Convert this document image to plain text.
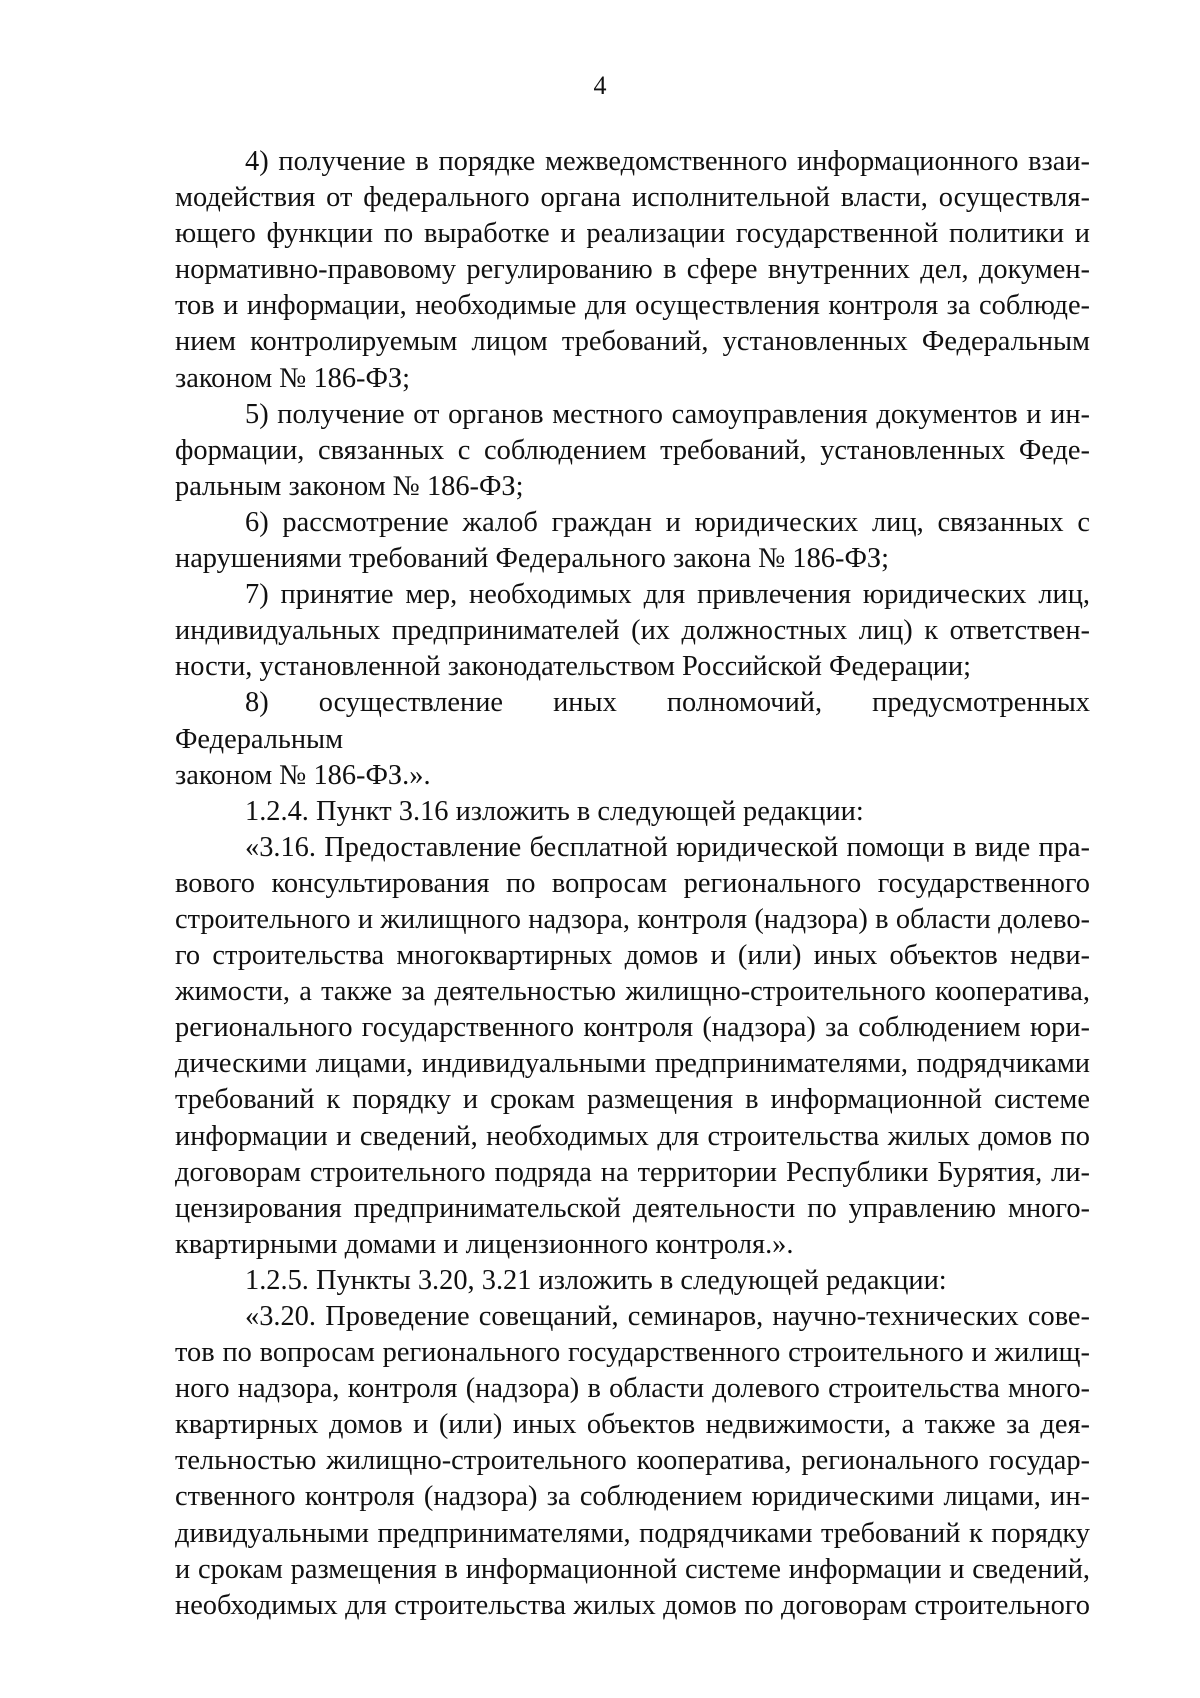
4

4) получение в порядке межведомственного информационного взаи-
модействия от федерального органа исполнительной власти, осуществля-
ющего функции по выработке и реализации государственной политики и
нормативно-правовому регулированию в сфере внутренних дел, докумен-
тов и информации, необходимые для осуществления контроля за соблюде-
нием контролируемым лицом требований, установленных Федеральным
законом № 186-ФЗ;

5) получение от органов местного самоуправления документов и ин-
формации, связанных с соблюдением требований, установленных Феде-
ральным законом № 186-ФЗ;

6) рассмотрение жалоб граждан и юридических лиц, связанных с
нарушениями требований Федерального закона № 186-ФЗ;

7) принятие мер, необходимых для привлечения юридических лиц,
индивидуальных предпринимателей (их должностных лиц) к ответствен-
ности, установленной законодательством Российской Федерации;

8) осуществление иных полномочий, предусмотренных Федеральным
законом № 186-ФЗ.».

1.2.4. Пункт 3.16 изложить в следующей редакции:

«3.16. Предоставление бесплатной юридической помощи в виде пра-
вового консультирования по вопросам регионального государственного
строительного и жилищного надзора, контроля (надзора) в области долево-
го строительства многоквартирных домов и (или) иных объектов недви-
жимости, а также за деятельностью жилищно-строительного кооператива,
регионального государственного контроля (надзора) за соблюдением юри-
дическими лицами, индивидуальными предпринимателями, подрядчиками
требований к порядку и срокам размещения в информационной системе
информации и сведений, необходимых для строительства жилых домов по
договорам строительного подряда на территории Республики Бурятия, ли-
цензирования предпринимательской деятельности по управлению много-
квартирными домами и лицензионного контроля.».

1.2.5. Пункты 3.20, 3.21 изложить в следующей редакции:

«3.20. Проведение совещаний, семинаров, научно-технических сове-
тов по вопросам регионального государственного строительного и жилищ-
ного надзора, контроля (надзора) в области долевого строительства много-
квартирных домов и (или) иных объектов недвижимости, а также за дея-
тельностью жилищно-строительного кооператива, регионального государ-
ственного контроля (надзора) за соблюдением юридическими лицами, ин-
дивидуальными предпринимателями, подрядчиками требований к порядку
и срокам размещения в информационной системе информации и сведений,
необходимых для строительства жилых домов по договорам строительного
